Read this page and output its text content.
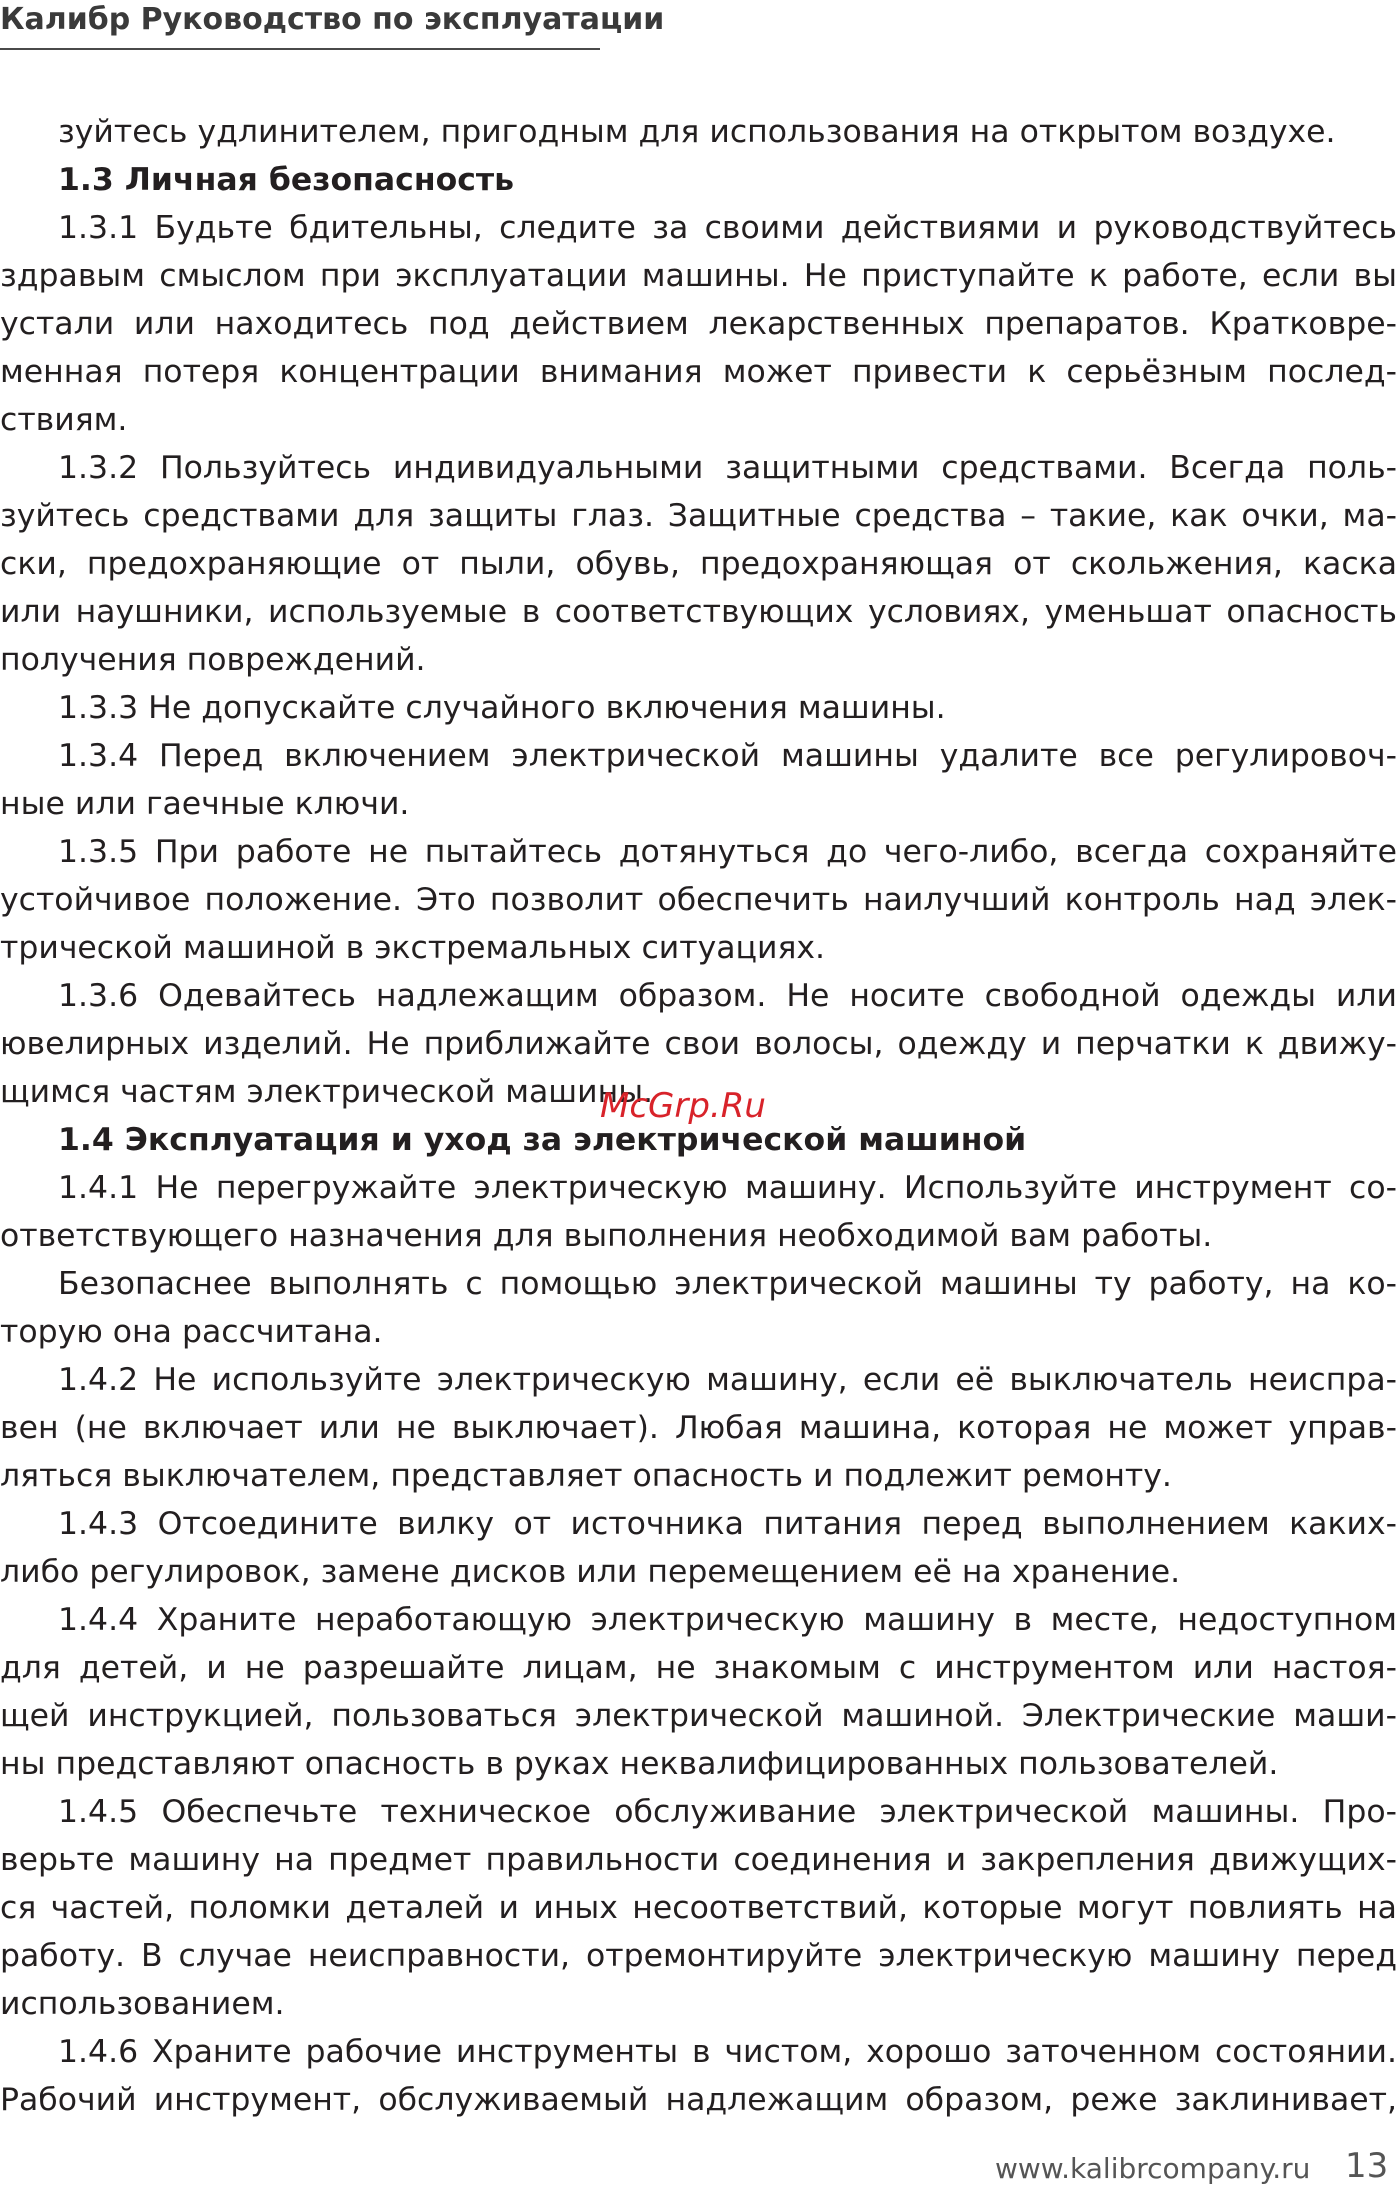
Калибр Руководство по эксплуатации
зуйтесь удлинителем, пригодным для использования на открытом воздухе.
1.3 Личная безопасность
1.3.1 Будьте бдительны, следите за своими действиями и руководствуйтесь
здравым смыслом при эксплуатации машины. Не приступайте к работе, если вы
устали или находитесь под действием лекарственных препаратов. Кратковре-
менная потеря концентрации внимания может привести к серьёзным послед-
ствиям.
1.3.2 Пользуйтесь индивидуальными защитными средствами. Всегда поль-
зуйтесь средствами для защиты глаз. Защитные средства – такие, как очки, ма-
ски, предохраняющие от пыли, обувь, предохраняющая от скольжения, каска
или наушники, используемые в соответствующих условиях, уменьшат опасность
получения повреждений.
1.3.3 Не допускайте случайного включения машины.
1.3.4 Перед включением электрической машины удалите все регулировоч-
ные или гаечные ключи.
1.3.5 При работе не пытайтесь дотянуться до чего-либо, всегда сохраняйте
устойчивое положение. Это позволит обеспечить наилучший контроль над элек-
трической машиной в экстремальных ситуациях.
1.3.6 Одевайтесь надлежащим образом. Не носите свободной одежды или
ювелирных изделий. Не приближайте свои волосы, одежду и перчатки к движу-
щимся частям электрической машины.
1.4 Эксплуатация и уход за электрической машиной
1.4.1 Не перегружайте электрическую машину. Используйте инструмент со-
ответствующего назначения для выполнения необходимой вам работы.
Безопаснее выполнять с помощью электрической машины ту работу, на ко-
торую она рассчитана.
1.4.2 Не используйте электрическую машину, если её выключатель неиспра-
вен (не включает или не выключает). Любая машина, которая не может управ-
ляться выключателем, представляет опасность и подлежит ремонту.
1.4.3 Отсоедините вилку от источника питания перед выполнением каких-
либо регулировок, замене дисков или перемещением её на хранение.
1.4.4 Храните неработающую электрическую машину в месте, недоступном
для детей, и не разрешайте лицам, не знакомым с инструментом или настоя-
щей инструкцией, пользоваться электрической машиной. Электрические маши-
ны представляют опасность в руках неквалифицированных пользователей.
1.4.5 Обеспечьте техническое обслуживание электрической машины. Про-
верьте машину на предмет правильности соединения и закрепления движущих-
ся частей, поломки деталей и иных несоответствий, которые могут повлиять на
работу. В случае неисправности, отремонтируйте электрическую машину перед
использованием.
1.4.6 Храните рабочие инструменты в чистом, хорошо заточенном состоянии.
Рабочий инструмент, обслуживаемый надлежащим образом, реже заклинивает,
McGrp.Ru
www.kalibrcompany.ru 13
